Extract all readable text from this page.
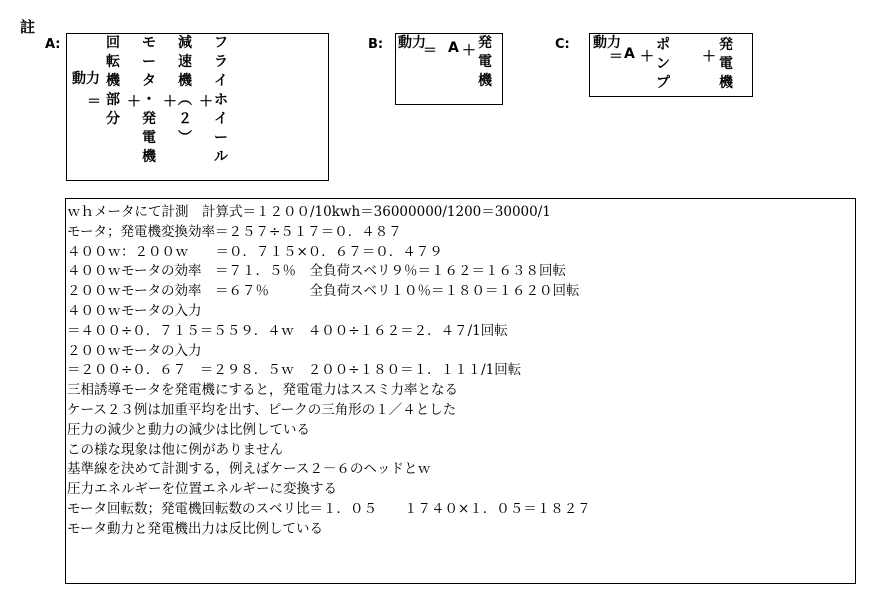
註
A:
動力
＝
回
転
機
部
分
＋
モ
ー
タ
・
発
電
機
＋
減
速
機
︵
２
︶
＋
フ
ラ
イ
ホ
イ
ー
ル
B: 動力
＝ A ＋ 発
電
機
C: 動力
＝ A ＋
ポ
ン
プ
＋
発
電
機
ｗｈメータにて計測　計算式＝１２００/10kwh＝36000000/1200＝30000/1
モータ；発電機変換効率＝２５７÷５１７＝０．４８７
４００ｗ：２００ｗ　　＝０．７１５×０．６７＝０．４７９
４００ｗモータの効率　＝７１．５％　全負荷スベリ９％＝１６２＝１６３８回転
２００ｗモータの効率　＝６７％　　　全負荷スベリ１０％＝１８０＝１６２０回転
４００ｗモータの入力
＝４００÷０．７１５＝５５９．４ｗ　４００÷１６２＝２．４７/1回転
２００ｗモータの入力
＝２００÷０．６７　＝２９８．５ｗ　２００÷１８０＝１．１１１/1回転
三相誘導モータを発電機にすると，発電電力はススミ力率となる
ケース２３例は加重平均を出す、ピークの三角形の１／４とした
圧力の減少と動力の減少は比例している
この様な現象は他に例がありません
基準線を決めて計測する，例えばケース２－６のヘッドとｗ
圧力エネルギーを位置エネルギーに変換する
モータ回転数；発電機回転数のスベリ比＝１．０５　　１７４０×１．０５＝１８２７
モータ動力と発電機出力は反比例している
